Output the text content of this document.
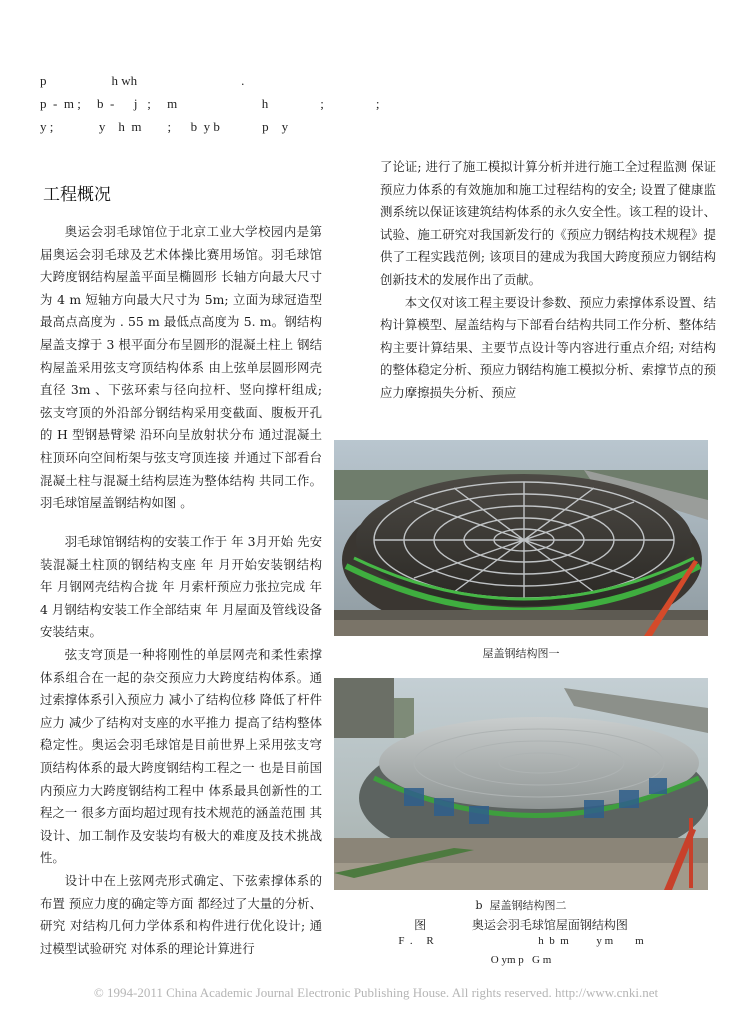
p                    h wh                                .
p  -  m ;     b  -      j   ;     m                          h                ;                ;
y ;              y    h  m        ;      b  y b             p    y
工程概况

奥运会羽毛球馆位于北京工业大学校园内是第 届奥运会羽毛球及艺术体操比赛用场馆。羽毛球馆大跨度钢结构屋盖平面呈椭圆形 长轴方向最大尺寸为 4 m 短轴方向最大尺寸为 5m; 立面为球冠造型 最高点高度为 . 55 m 最低点高度为 5. m。钢结构屋盖支撑于 3 根平面分布呈圆形的混凝土柱上 钢结构屋盖采用弦支穹顶结构体系 由上弦单层圆形网壳 直径 3m 、下弦环索与径向拉杆、竖向撑杆组成; 弦支穹顶的外沿部分钢结构采用变截面、腹板开孔的 H 型钢悬臂梁 沿环向呈放射状分布 通过混凝土柱顶环向空间桁架与弦支穹顶连接 并通过下部看台混凝土柱与混凝土结构层连为整体结构 共同工作。羽毛球馆屋盖钢结构如图 。

羽毛球馆钢结构的安装工作于 年 3月开始 先安装混凝土柱顶的钢结构支座 年 月开始安装钢结构 年 月钢网壳结构合拢 年 月索杆预应力张拉完成 年 4 月钢结构安装工作全部结束 年 月屋面及管线设备安装结束。

弦支穹顶是一种将刚性的单层网壳和柔性索撑体系组合在一起的杂交预应力大跨度结构体系。通过索撑体系引入预应力 减小了结构位移 降低了杆件应力 减少了结构对支座的水平推力 提高了结构整体稳定性。奥运会羽毛球馆是目前世界上采用弦支穹顶结构体系的最大跨度钢结构工程之一 也是目前国内预应力大跨度钢结构工程中 体系最具创新性的工程之一 很多方面均超过现有技术规范的涵盖范围 其设计、加工制作及安装均有极大的难度及技术挑战性。

设计中在上弦网壳形式确定、下弦索撑体系的布置 预应力度的确定等方面 都经过了大量的分析、研究 对结构几何力学体系和构件进行优化设计; 通过模型试验研究 对体系的理论计算进行

了论证; 进行了施工模拟计算分析并进行施工全过程监测 保证预应力体系的有效施加和施工过程结构的安全; 设置了健康监测系统以保证该建筑结构体系的永久安全性。该工程的设计、试验、施工研究对我国新发行的《预应力钢结构技术规程》提供了工程实践范例; 该项目的建成为我国大跨度预应力钢结构创新技术的发展作出了贡献。

本文仅对该工程主要设计参数、预应力索撑体系设置、结构计算模型、屋盖结构与下部看台结构共同工作分析、整体结构主要计算结果、主要节点设计等内容进行重点介绍; 对结构的整体稳定分析、预应力钢结构施工模拟分析、索撑节点的预应力摩擦损失分析、预应

屋盖钢结构图一
b  屋盖钢结构图二
图            奥运会羽毛球馆屋面钢结构图
F  .     R                                      h  b  m          y m        m
O ym p   G m
© 1994-2011 China Academic Journal Electronic Publishing House. All rights reserved. http://www.cnki.net
